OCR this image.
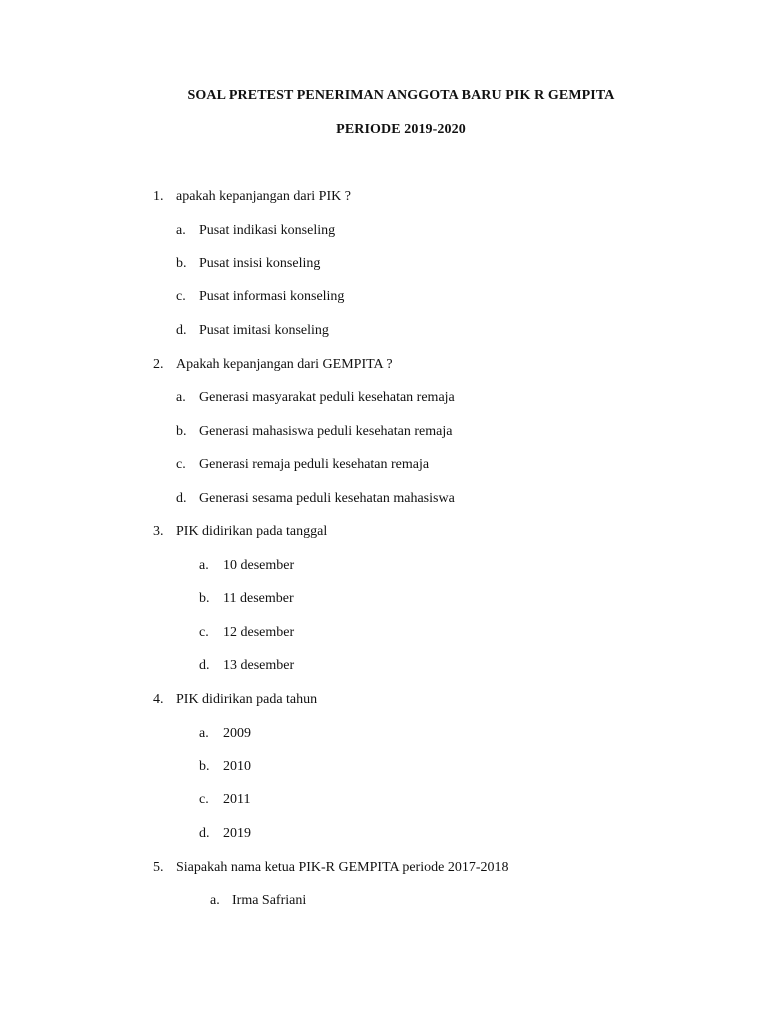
SOAL PRETEST PENERIMAN ANGGOTA BARU PIK R GEMPITA
PERIODE 2019-2020
1. apakah kepanjangan dari PIK ?
a. Pusat indikasi konseling
b. Pusat insisi konseling
c. Pusat informasi konseling
d. Pusat imitasi konseling
2. Apakah kepanjangan dari GEMPITA ?
a. Generasi masyarakat peduli kesehatan remaja
b. Generasi mahasiswa peduli kesehatan remaja
c. Generasi remaja peduli kesehatan remaja
d. Generasi sesama peduli kesehatan mahasiswa
3. PIK didirikan pada tanggal
a. 10 desember
b. 11 desember
c. 12 desember
d. 13 desember
4. PIK didirikan pada tahun
a. 2009
b. 2010
c. 2011
d. 2019
5. Siapakah nama ketua PIK-R GEMPITA periode 2017-2018
a. Irma Safriani
